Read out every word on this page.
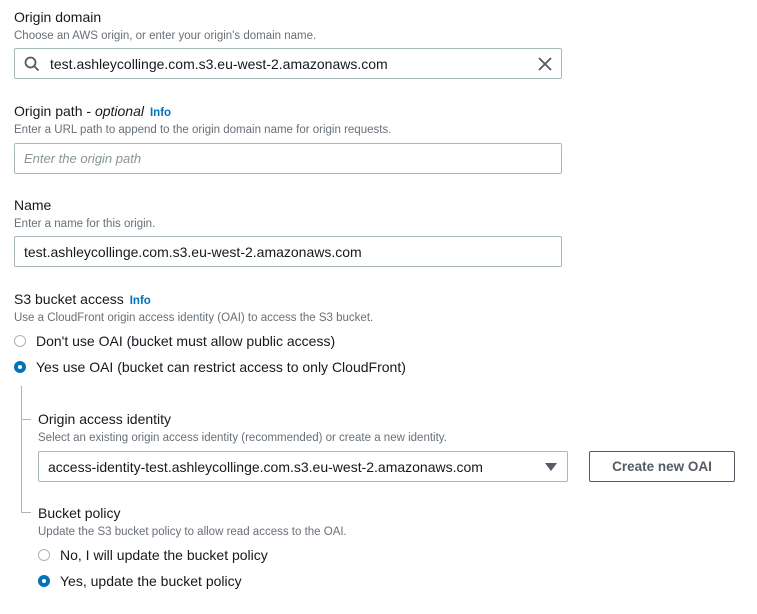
Origin domain
Choose an AWS origin, or enter your origin's domain name.
test.ashleycollinge.com.s3.eu-west-2.amazonaws.com
Origin path - optional Info
Enter a URL path to append to the origin domain name for origin requests.
Enter the origin path
Name
Enter a name for this origin.
test.ashleycollinge.com.s3.eu-west-2.amazonaws.com
S3 bucket access Info
Use a CloudFront origin access identity (OAI) to access the S3 bucket.
Don't use OAI (bucket must allow public access)
Yes use OAI (bucket can restrict access to only CloudFront)
Origin access identity
Select an existing origin access identity (recommended) or create a new identity.
access-identity-test.ashleycollinge.com.s3.eu-west-2.amazonaws.com	Create new OAI
Bucket policy
Update the S3 bucket policy to allow read access to the OAI.
No, I will update the bucket policy
Yes, update the bucket policy
